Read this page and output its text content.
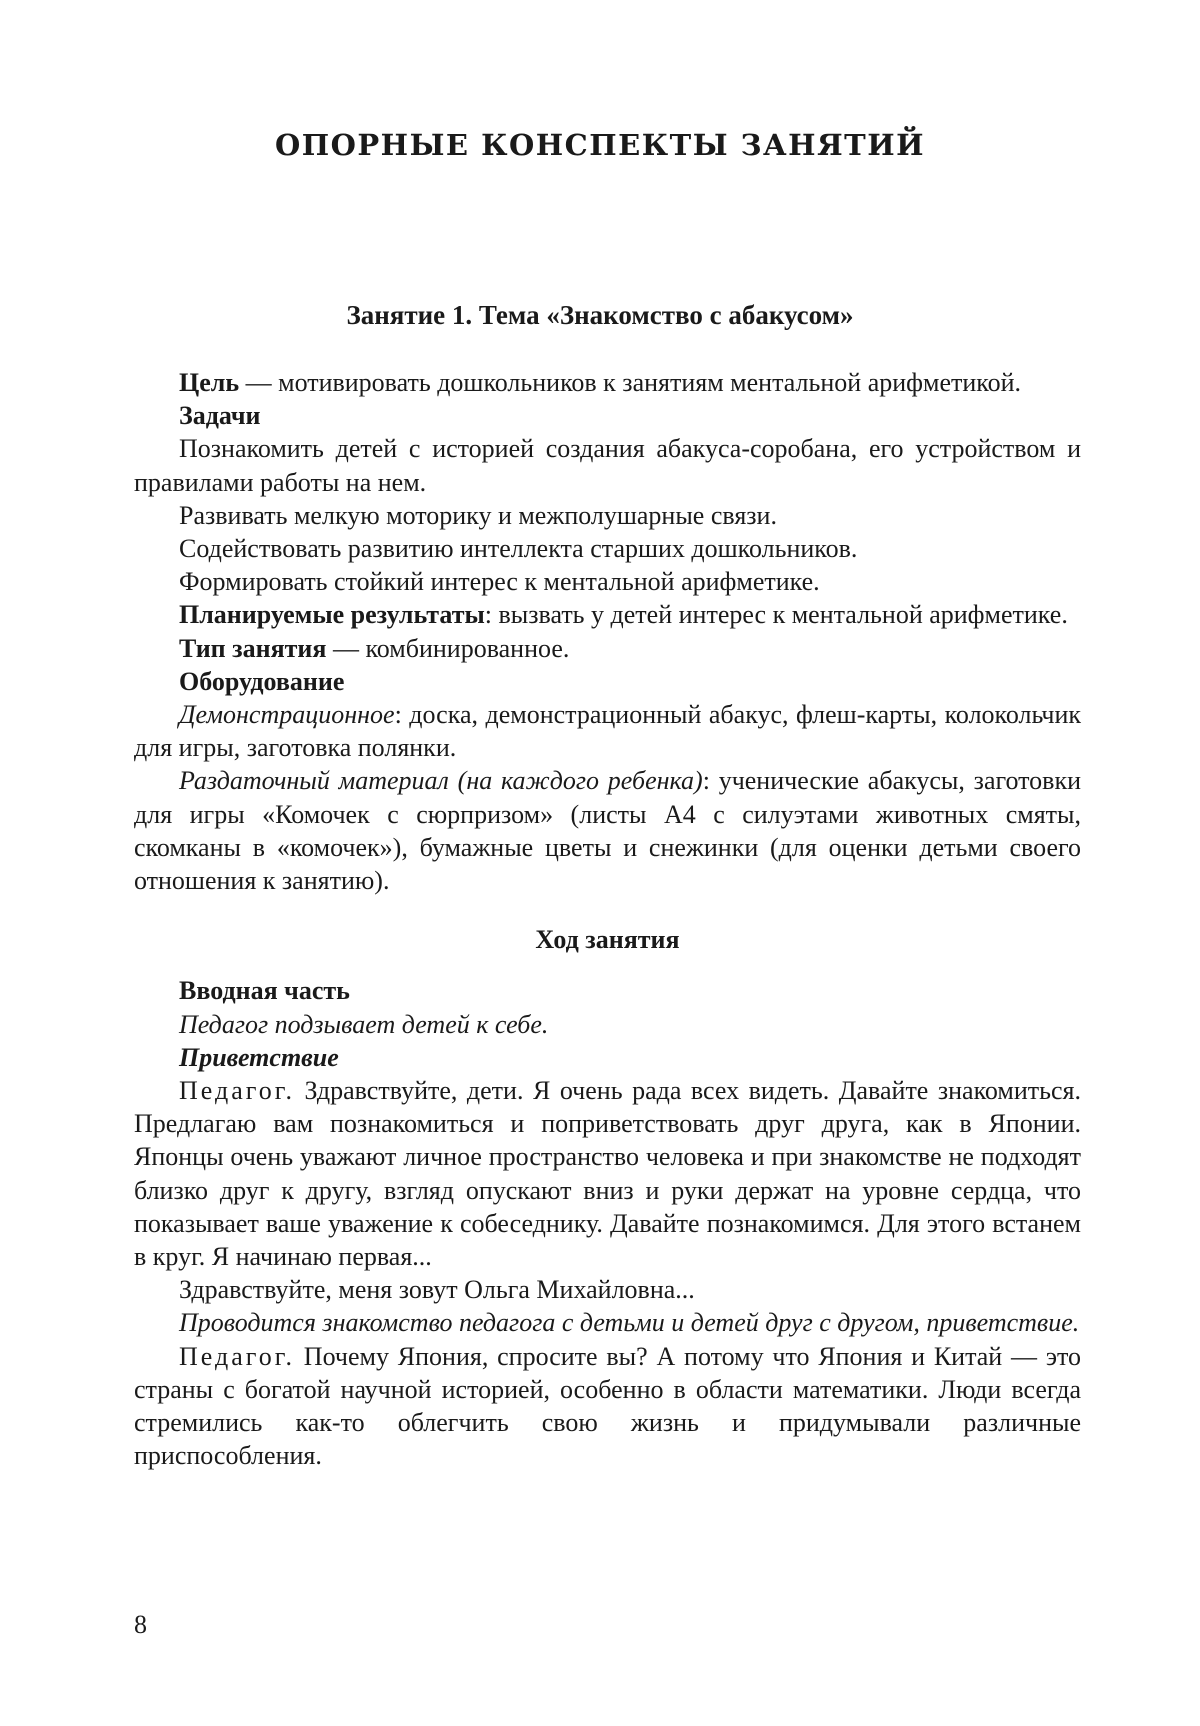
ОПОРНЫЕ КОНСПЕКТЫ ЗАНЯТИЙ
Занятие 1. Тема «Знакомство с абакусом»

Цель — мотивировать дошкольников к занятиям ментальной арифметикой.

Задачи

Познакомить детей с историей создания абакуса-соробана, его устройством и правилами работы на нем.

Развивать мелкую моторику и межполушарные связи.

Содействовать развитию интеллекта старших дошкольников.

Формировать стойкий интерес к ментальной арифметике.

Планируемые результаты: вызвать у детей интерес к ментальной арифметике.

Тип занятия — комбинированное.

Оборудование

Демонстрационное: доска, демонстрационный абакус, флеш-карты, колокольчик для игры, заготовка полянки.

Раздаточный материал (на каждого ребенка): ученические абакусы, заготовки для игры «Комочек с сюрпризом» (листы А4 с силуэтами животных смяты, скомканы в «комочек»), бумажные цветы и снежинки (для оценки детьми своего отношения к занятию).

Ход занятия

Вводная часть

Педагог подзывает детей к себе.

Приветствие

Педагог. Здравствуйте, дети. Я очень рада всех видеть. Давайте знакомиться. Предлагаю вам познакомиться и поприветствовать друг друга, как в Японии. Японцы очень уважают личное пространство человека и при знакомстве не подходят близко друг к другу, взгляд опускают вниз и руки держат на уровне сердца, что показывает ваше уважение к собеседнику. Давайте познакомимся. Для этого встанем в круг. Я начинаю первая...

Здравствуйте, меня зовут Ольга Михайловна...

Проводится знакомство педагога с детьми и детей друг с другом, приветствие.

Педагог. Почему Япония, спросите вы? А потому что Япония и Китай — это страны с богатой научной историей, особенно в области математики. Люди всегда стремились как-то облегчить свою жизнь и придумывали различные приспособления.

8
